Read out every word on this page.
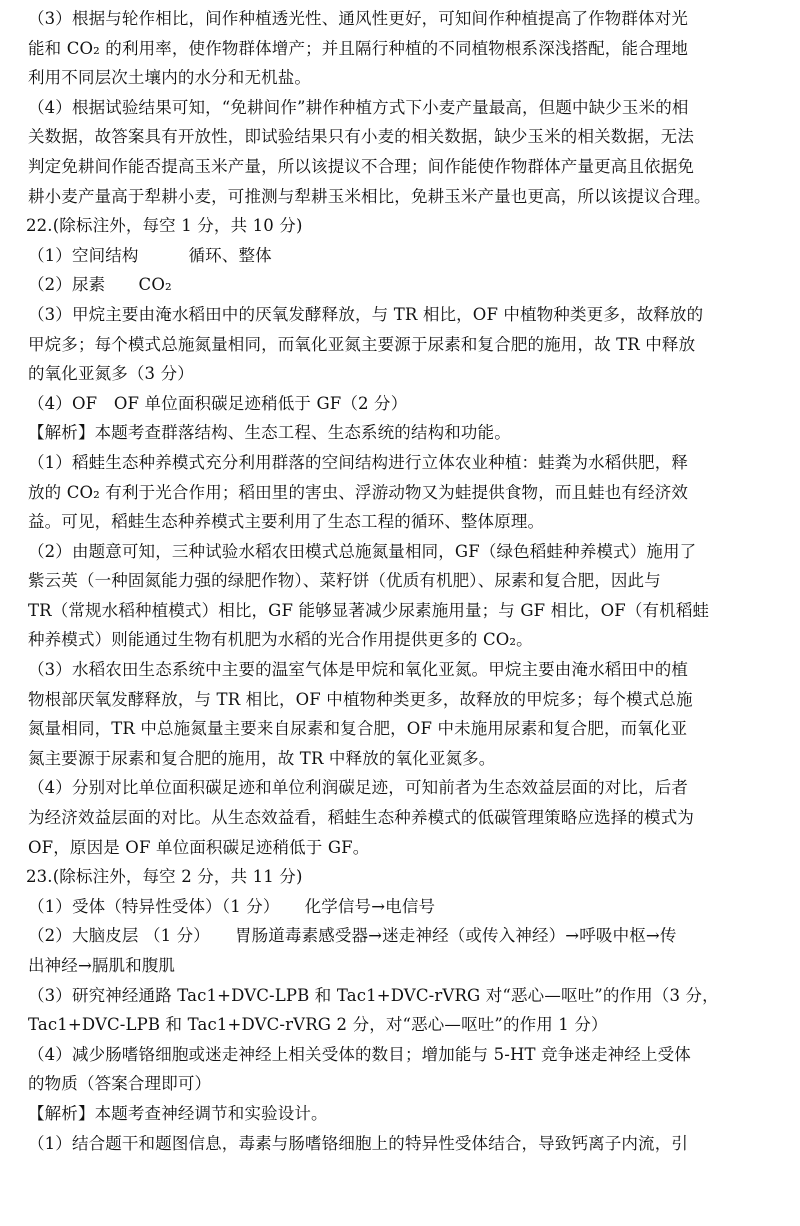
（3）根据与轮作相比，间作种植透光性、通风性更好，可知间作种植提高了作物群体对光
能和 CO₂ 的利用率，使作物群体增产；并且隔行种植的不同植物根系深浅搭配，能合理地
利用不同层次土壤内的水分和无机盐。
（4）根据试验结果可知，“免耕间作”耕作种植方式下小麦产量最高，但题中缺少玉米的相
关数据，故答案具有开放性，即试验结果只有小麦的相关数据，缺少玉米的相关数据，无法
判定免耕间作能否提高玉米产量，所以该提议不合理；间作能使作物群体产量更高且依据免
耕小麦产量高于犁耕小麦，可推测与犁耕玉米相比，免耕玉米产量也更高，所以该提议合理。
22.(除标注外，每空 1 分，共 10 分)
（1）空间结构　　　循环、整体
（2）尿素　　CO₂
（3）甲烷主要由淹水稻田中的厌氧发酵释放，与 TR 相比，OF 中植物种类更多，故释放的
甲烷多；每个模式总施氮量相同，而氧化亚氮主要源于尿素和复合肥的施用，故 TR 中释放
的氧化亚氮多（3 分）
（4）OF　OF 单位面积碳足迹稍低于 GF（2 分）
【解析】本题考查群落结构、生态工程、生态系统的结构和功能。
（1）稻蛙生态种养模式充分利用群落的空间结构进行立体农业种植：蛙粪为水稻供肥，释
放的 CO₂ 有利于光合作用；稻田里的害虫、浮游动物又为蛙提供食物，而且蛙也有经济效
益。可见，稻蛙生态种养模式主要利用了生态工程的循环、整体原理。
（2）由题意可知，三种试验水稻农田模式总施氮量相同，GF（绿色稻蛙种养模式）施用了
紫云英（一种固氮能力强的绿肥作物）、菜籽饼（优质有机肥）、尿素和复合肥，因此与
TR（常规水稻种植模式）相比，GF 能够显著减少尿素施用量；与 GF 相比，OF（有机稻蛙
种养模式）则能通过生物有机肥为水稻的光合作用提供更多的 CO₂。
（3）水稻农田生态系统中主要的温室气体是甲烷和氧化亚氮。甲烷主要由淹水稻田中的植
物根部厌氧发酵释放，与 TR 相比，OF 中植物种类更多，故释放的甲烷多；每个模式总施
氮量相同，TR 中总施氮量主要来自尿素和复合肥，OF 中未施用尿素和复合肥，而氧化亚
氮主要源于尿素和复合肥的施用，故 TR 中释放的氧化亚氮多。
（4）分别对比单位面积碳足迹和单位利润碳足迹，可知前者为生态效益层面的对比，后者
为经济效益层面的对比。从生态效益看，稻蛙生态种养模式的低碳管理策略应选择的模式为
OF，原因是 OF 单位面积碳足迹稍低于 GF。
23.(除标注外，每空 2 分，共 11 分)
（1）受体（特异性受体）（1 分）　　化学信号→电信号
（2）大脑皮层 （1 分）　　胃肠道毒素感受器→迷走神经（或传入神经）→呼吸中枢→传
出神经→膈肌和腹肌
（3）研究神经通路 Tac1+DVC-LPB 和 Tac1+DVC-rVRG 对“恶心—呕吐”的作用（3 分，
Tac1+DVC-LPB 和 Tac1+DVC-rVRG 2 分，对“恶心—呕吐”的作用 1 分）
（4）减少肠嗜铬细胞或迷走神经上相关受体的数目；增加能与 5-HT 竞争迷走神经上受体
的物质（答案合理即可）
【解析】本题考查神经调节和实验设计。
（1）结合题干和题图信息，毒素与肠嗜铬细胞上的特异性受体结合，导致钙离子内流，引
